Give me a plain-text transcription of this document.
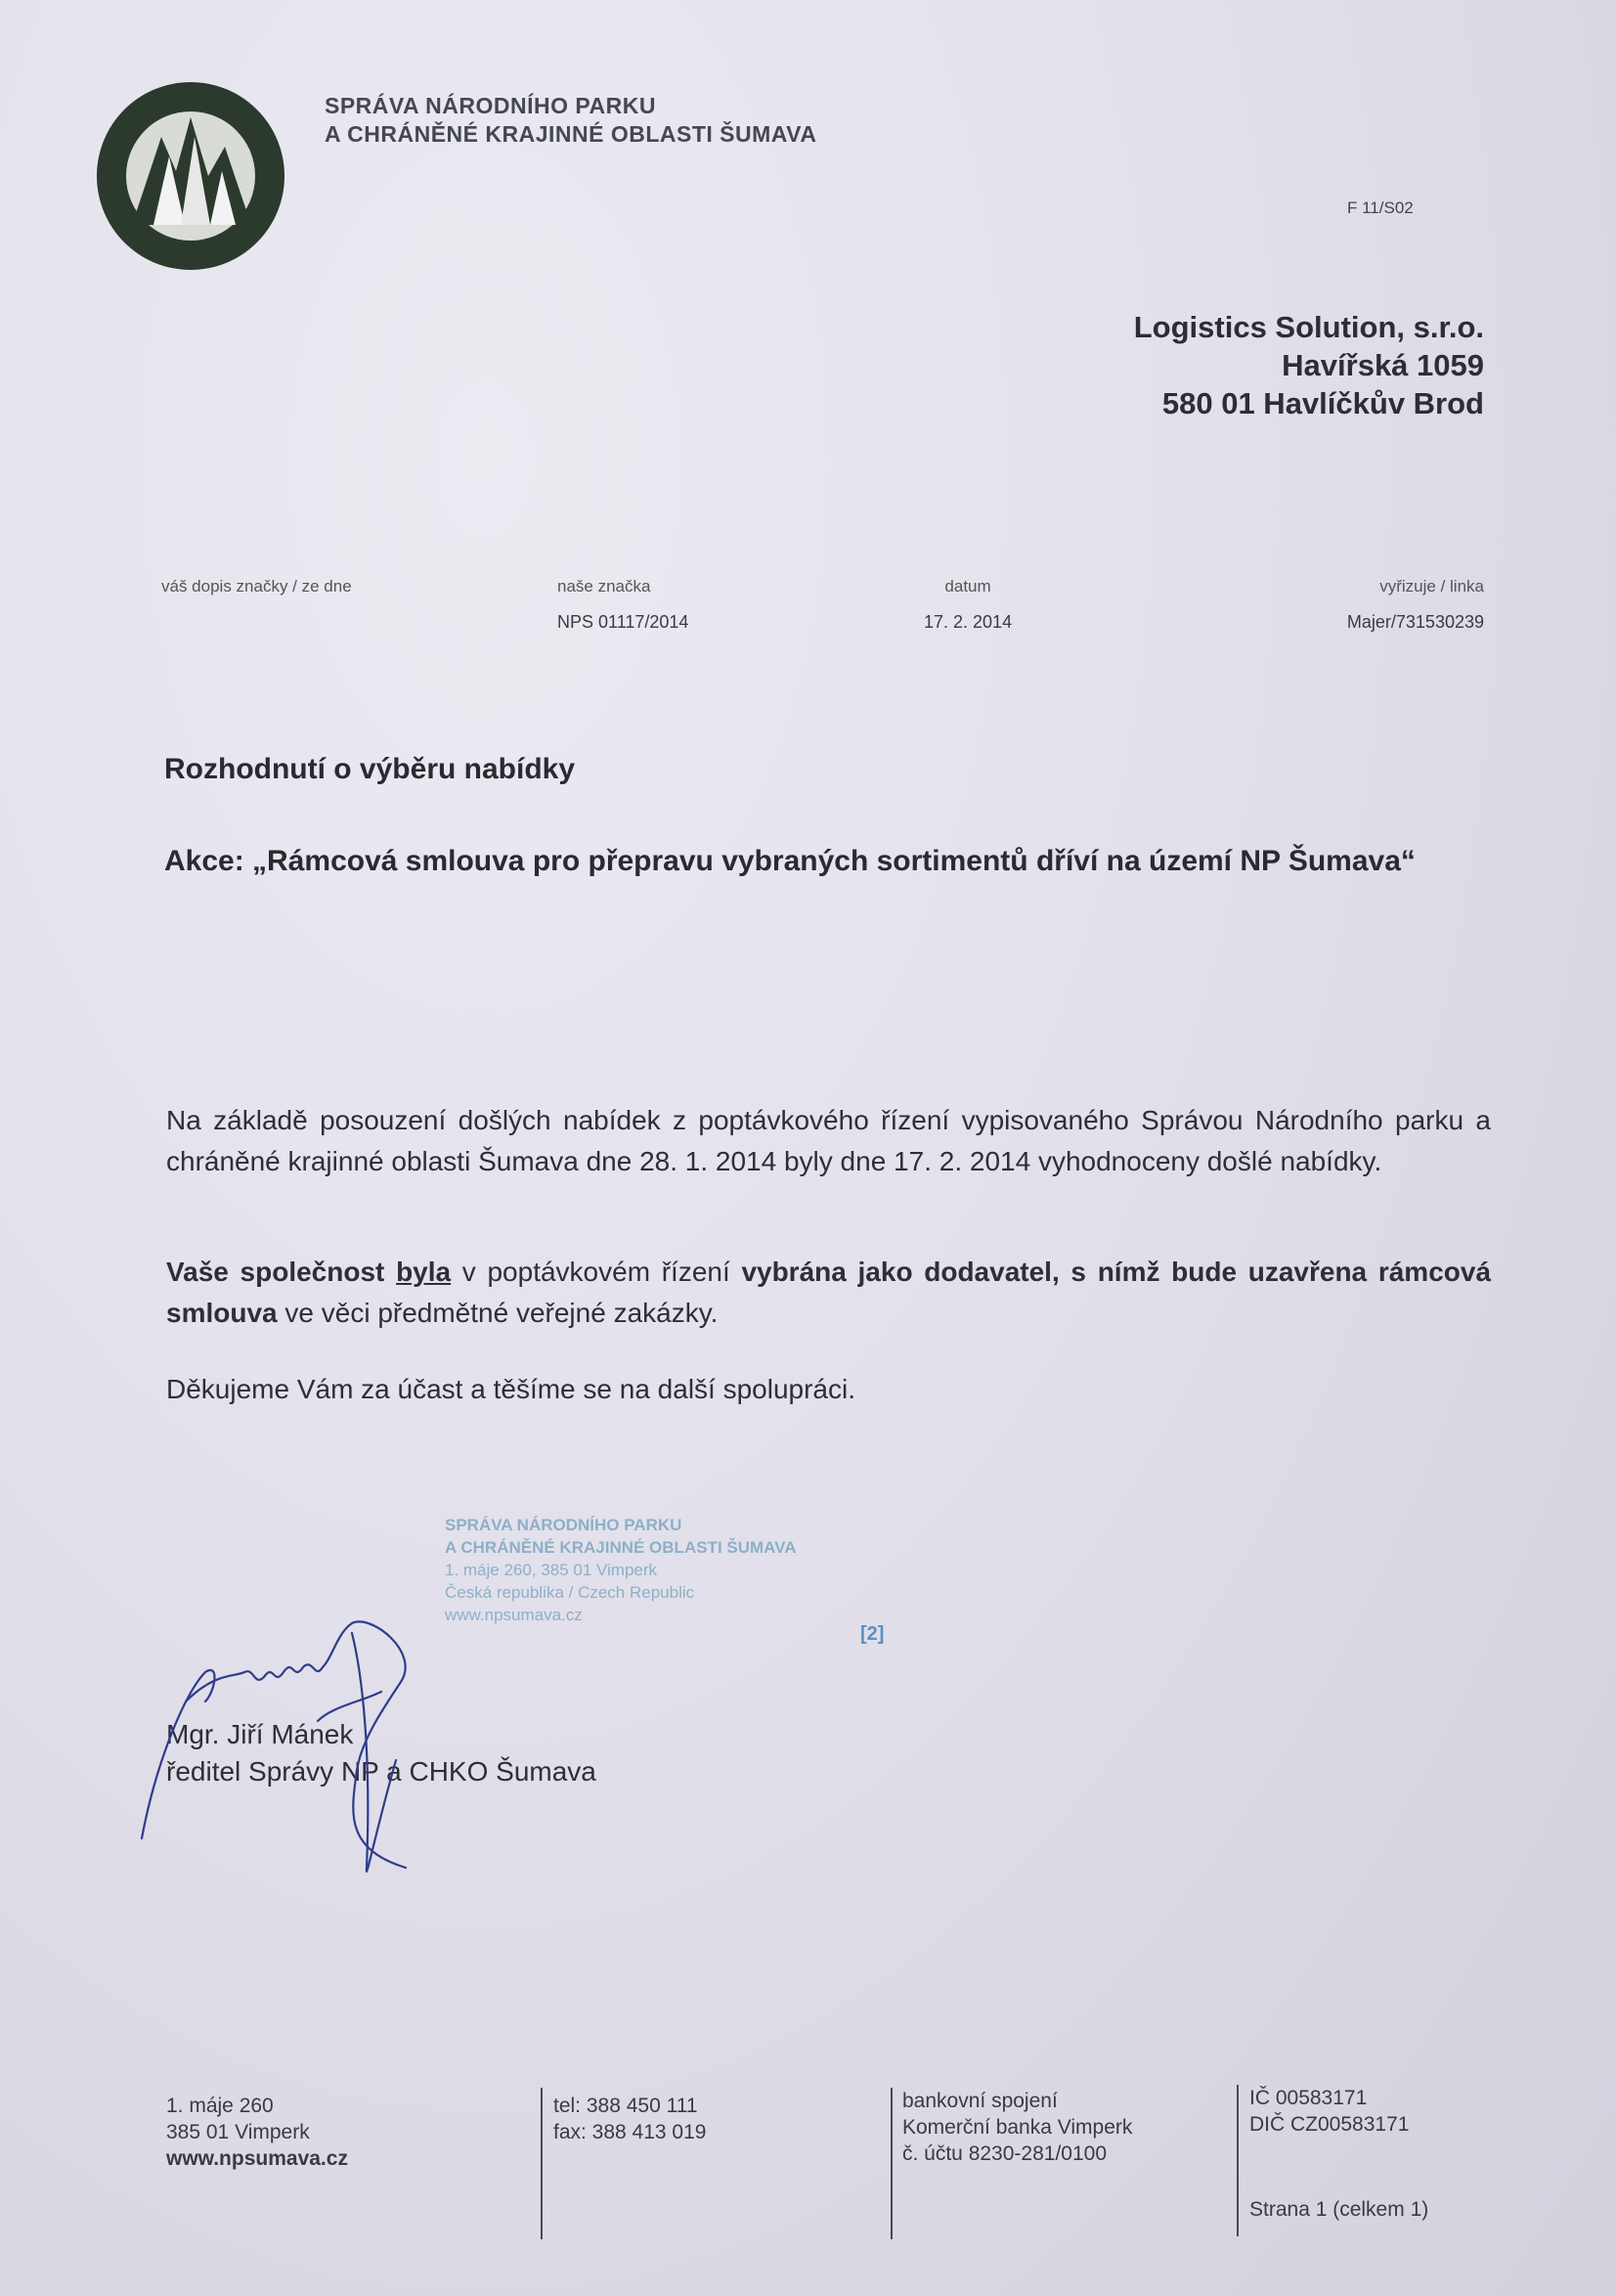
SPRÁVA NÁRODNÍHO PARKU
A CHRÁNĚNÉ KRAJINNÉ OBLASTI ŠUMAVA
F 11/S02
Logistics Solution, s.r.o.
Havířská 1059
580 01 Havlíčkův Brod
váš dopis značky / ze dne	naše značka
NPS 01117/2014
datum
17. 2. 2014
vyřizuje / linka
Majer/731530239
Rozhodnutí o výběru nabídky
Akce: „Rámcová smlouva pro přepravu vybraných sortimentů dříví na území NP Šumava“
Na základě posouzení došlých nabídek z poptávkového řízení vypisovaného Správou Národního parku a chráněné krajinné oblasti Šumava dne 28. 1. 2014 byly dne 17. 2. 2014 vyhodnoceny došlé nabídky.
Vaše společnost byla v poptávkovém řízení vybrána jako dodavatel, s nímž bude uzavřena rámcová smlouva ve věci předmětné veřejné zakázky.
Děkujeme Vám za účast a těšíme se na další spolupráci.
SPRÁVA NÁRODNÍHO PARKU
A CHRÁNĚNÉ KRAJINNÉ OBLASTI ŠUMAVA
1. máje 260, 385 01 Vimperk
Česká republika / Czech Republic
www.npsumava.cz
[2]
Mgr. Jiří Mánek
ředitel Správy NP a CHKO Šumava
1. máje 260
385 01 Vimperk
www.npsumava.cz
tel: 388 450 111
fax: 388 413 019
bankovní spojení
Komerční banka Vimperk
č. účtu 8230-281/0100
IČ 00583171
DIČ CZ00583171
Strana 1 (celkem 1)
